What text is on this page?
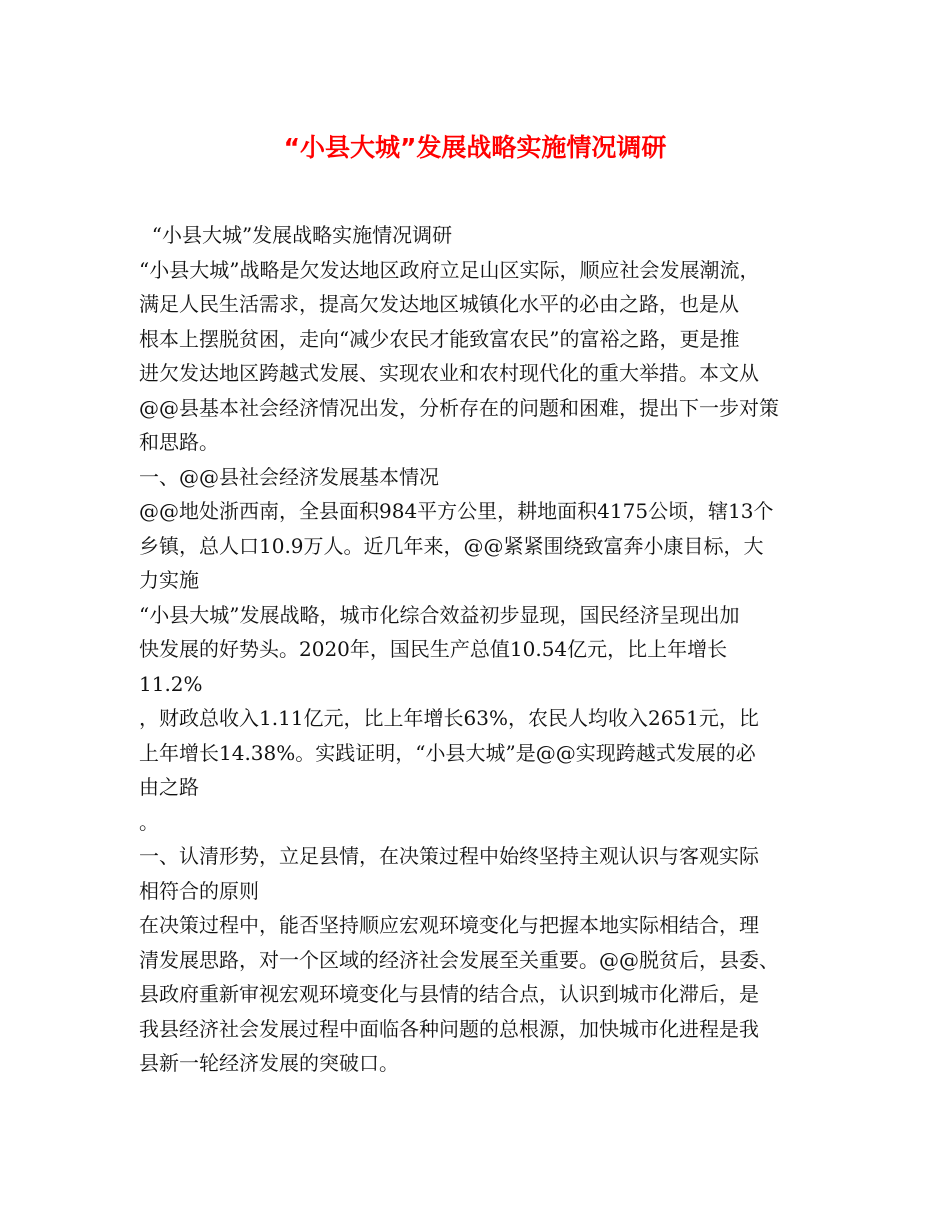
“小县大城”发展战略实施情况调研
“小县大城”发展战略实施情况调研
“小县大城”战略是欠发达地区政府立足山区实际，顺应社会发展潮流，
满足人民生活需求，提高欠发达地区城镇化水平的必由之路，也是从
根本上摆脱贫困，走向“减少农民才能致富农民”的富裕之路，更是推
进欠发达地区跨越式发展、实现农业和农村现代化的重大举措。本文从
@@县基本社会经济情况出发，分析存在的问题和困难，提出下一步对策
和思路。
一、@@县社会经济发展基本情况
@@地处浙西南，全县面积984平方公里，耕地面积4175公顷，辖13个
乡镇，总人口10.9万人。近几年来，@@紧紧围绕致富奔小康目标，大
力实施
“小县大城”发展战略，城市化综合效益初步显现，国民经济呈现出加
快发展的好势头。2020年，国民生产总值10.54亿元，比上年增长
11.2%
，财政总收入1.11亿元，比上年增长63%，农民人均收入2651元，比
上年增长14.38%。实践证明，“小县大城”是@@实现跨越式发展的必
由之路
。
一、认清形势，立足县情，在决策过程中始终坚持主观认识与客观实际
相符合的原则
在决策过程中，能否坚持顺应宏观环境变化与把握本地实际相结合，理
清发展思路，对一个区域的经济社会发展至关重要。@@脱贫后，县委、
县政府重新审视宏观环境变化与县情的结合点，认识到城市化滞后，是
我县经济社会发展过程中面临各种问题的总根源，加快城市化进程是我
县新一轮经济发展的突破口。
